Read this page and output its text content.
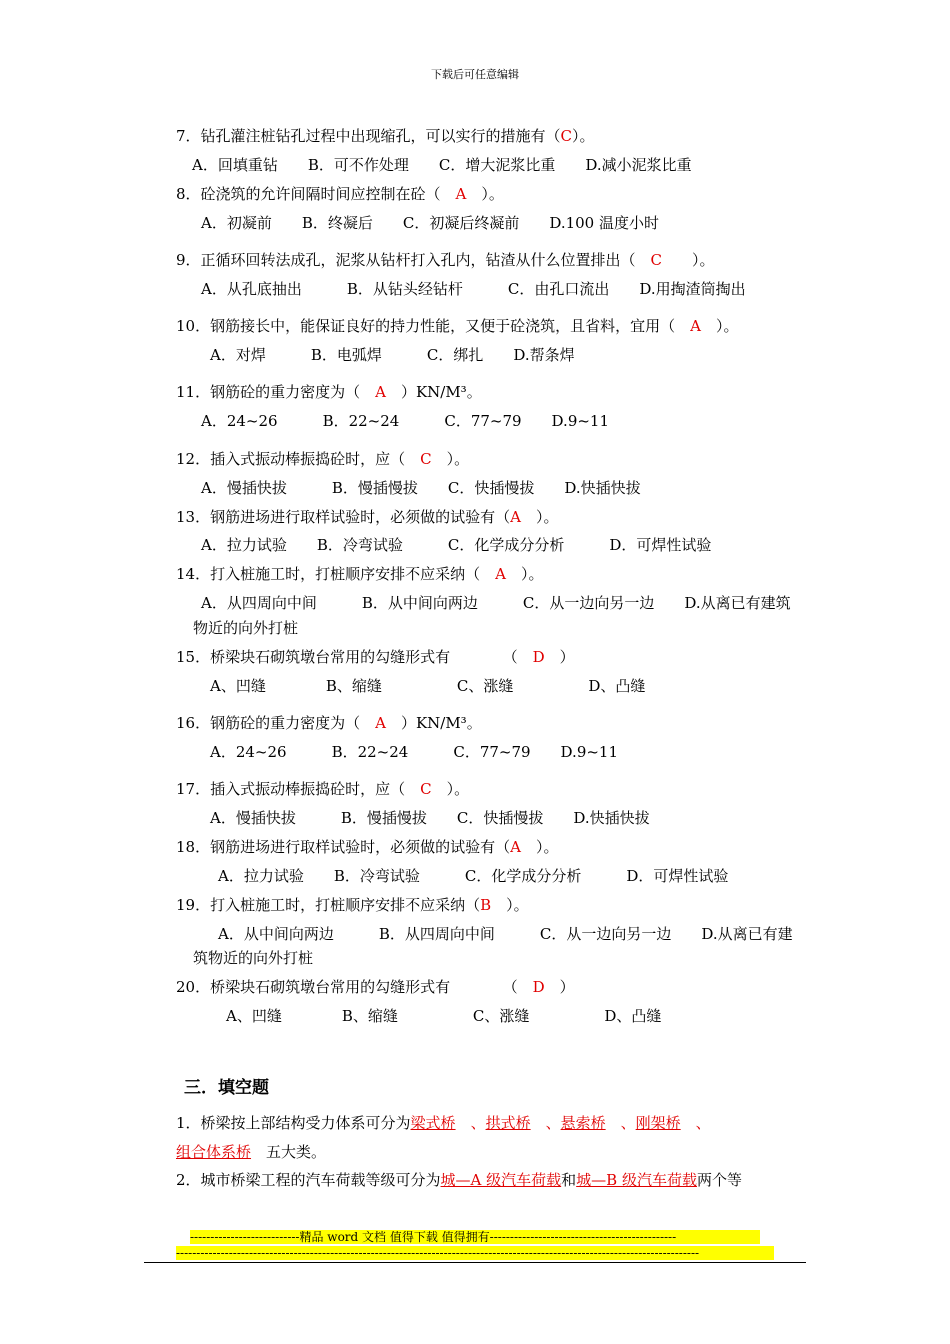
下载后可任意编辑
7．钻孔灌注桩钻孔过程中出现缩孔，可以实行的措施有（C）。
A．回填重钻　　B．可不作处理　　C．增大泥浆比重　　D.减小泥浆比重
8．砼浇筑的允许间隔时间应控制在砼（　A　）。
A．初凝前　　B．终凝后　　C．初凝后终凝前　　D.100 温度小时
9．正循环回转法成孔，泥浆从钻杆打入孔内，钻渣从什么位置排出（　C　　）。
A．从孔底抽出　　　B．从钻头经钻杆　　　C．由孔口流出　　D.用掏渣筒掏出
10．钢筋接长中，能保证良好的持力性能，又便于砼浇筑，且省料，宜用（　A　）。
A．对焊　　　B．电弧焊　　　C．绑扎　　D.帮条焊
11．钢筋砼的重力密度为（　A　）KN/M³。
A．24~26　　　B．22~24　　　C．77~79　　D.9~11
12．插入式振动棒振捣砼时，应（　C　）。
A．慢插快拔　　　B．慢插慢拔　　C．快插慢拔　　D.快插快拔
13．钢筋进场进行取样试验时，必须做的试验有（A　）。
A．拉力试验　　B．冷弯试验　　　C．化学成分分析　　　D．可焊性试验
14．打入桩施工时，打桩顺序安排不应采纳（　A　）。
A．从四周向中间　　　B．从中间向两边　　　C．从一边向另一边　　D.从离已有建筑
物近的向外打桩
15．桥梁块石砌筑墩台常用的勾缝形式有　　　　（　D　）
A、凹缝　　　　B、缩缝　　　　　C、涨缝　　　　　D、凸缝
16．钢筋砼的重力密度为（　A　）KN/M³。
A．24~26　　　B．22~24　　　C．77~79　　D.9~11
17．插入式振动棒振捣砼时，应（　C　）。
A．慢插快拔　　　B．慢插慢拔　　C．快插慢拔　　D.快插快拔
18．钢筋进场进行取样试验时，必须做的试验有（A　）。
A．拉力试验　　B．冷弯试验　　　C．化学成分分析　　　D．可焊性试验
19．打入桩施工时，打桩顺序安排不应采纳（B　）。
A．从中间向两边　　　B．从四周向中间　　　C．从一边向另一边　　D.从离已有建
筑物近的向外打桩
20．桥梁块石砌筑墩台常用的勾缝形式有　　　　（　D　）
A、凹缝　　　　B、缩缝　　　　　C、涨缝　　　　　D、凸缝
三．填空题
1．桥梁按上部结构受力体系可分为梁式桥　、拱式桥　、悬索桥　、刚架桥　、
组合体系桥　 五大类。
2．城市桥梁工程的汽车荷载等级可分为城—A 级汽车荷载和城—B 级汽车荷载两个等
---------------------------精品 word 文档 值得下载 值得拥有----------------------------------------------
---------------------------------------------------------------------------------------------------------------------------------
